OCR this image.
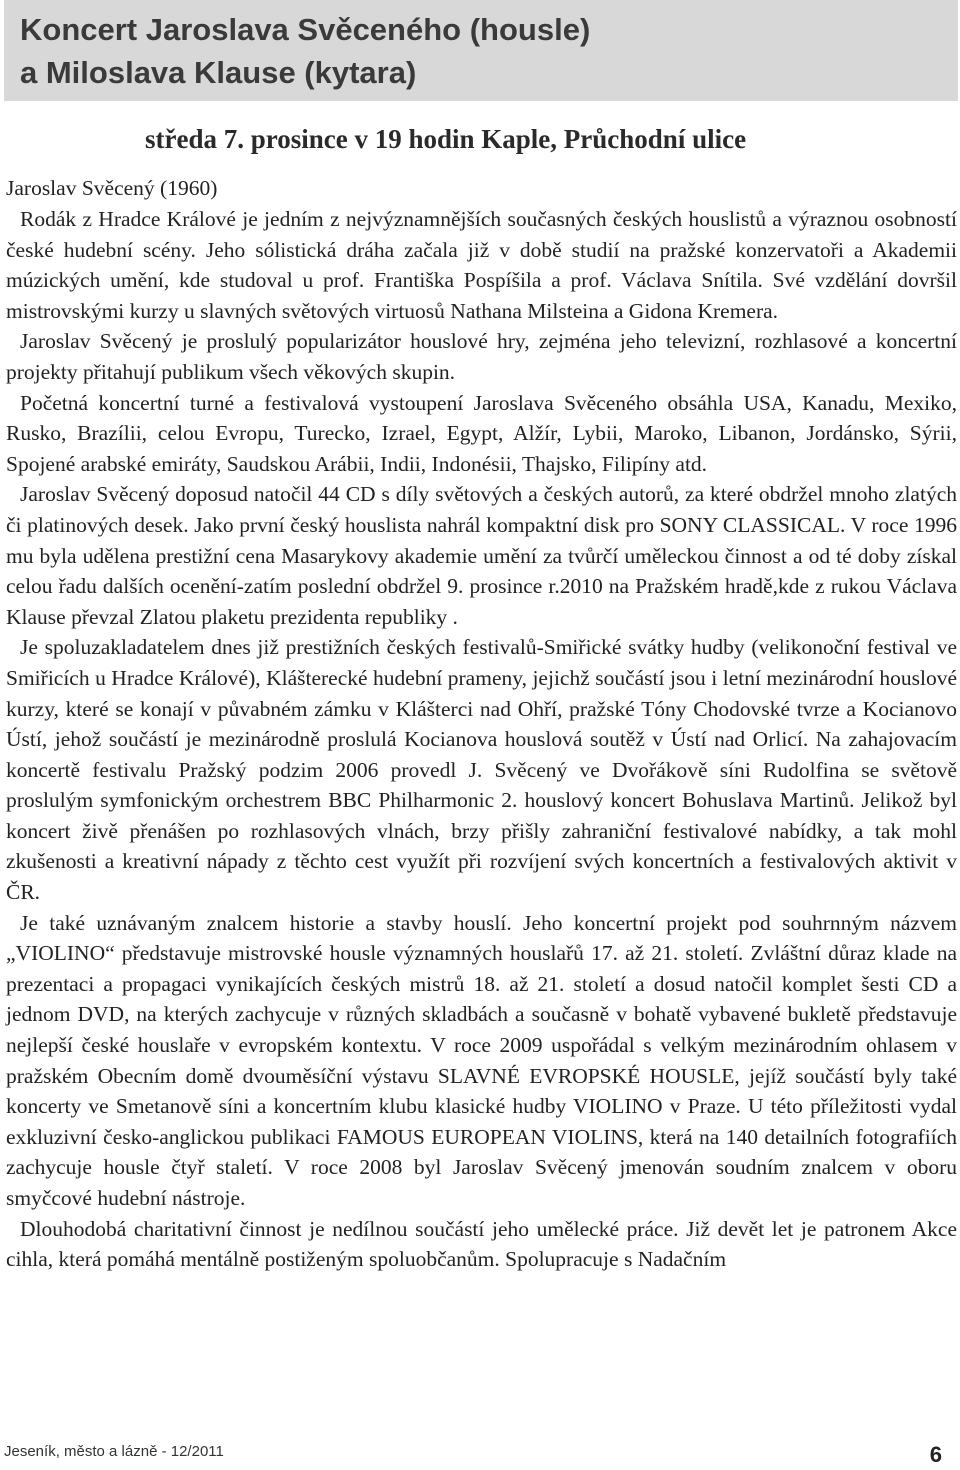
Koncert Jaroslava Svěceného (housle)
a Miloslava Klause (kytara)
středa 7. prosince v 19 hodin Kaple, Průchodní ulice
Jaroslav Svěcený (1960)

Rodák z Hradce Králové je jedním z nejvýznamnějších současných českých houslistů a výraznou osobností české hudební scény. Jeho sólistická dráha začala již v době studií na pražské konzervatoři a Akademii múzických umění, kde studoval u prof. Františka Pospíšila a prof. Václava Snítila. Své vzdělání dovršil mistrovskými kurzy u slavných světových virtuosů Nathana Milsteina a Gidona Kremera.

Jaroslav Svěcený je proslulý popularizátor houslové hry, zejména jeho televizní, rozhlasové a koncertní projekty přitahují publikum všech věkových skupin.

Početná koncertní turné a festivalová vystoupení Jaroslava Svěceného obsáhla USA, Kanadu, Mexiko, Rusko, Brazílii, celou Evropu, Turecko, Izrael, Egypt, Alžír, Lybii, Maroko, Libanon, Jordánsko, Sýrii, Spojené arabské emiráty, Saudskou Arábii, Indii, Indonésii, Thajsko, Filipíny atd.

Jaroslav Svěcený doposud natočil 44 CD s díly světových a českých autorů, za které obdržel mnoho zlatých či platinových desek. Jako první český houslista nahrál kompaktní disk pro SONY CLASSICAL. V roce 1996 mu byla udělena prestižní cena Masarykovy akademie umění za tvůrčí uměleckou činnost a od té doby získal celou řadu dalších ocenění-zatím poslední obdržel 9. prosince r.2010 na Pražském hradě,kde z rukou Václava Klause převzal Zlatou plaketu prezidenta republiky .

Je spoluzakladatelem dnes již prestižních českých festivalů-Smiřické svátky hudby (velikonoční festival ve Smiřicích u Hradce Králové), Klášterecké hudební prameny, jejichž součástí jsou i letní mezinárodní houslové kurzy, které se konají v půvabném zámku v Klášterci nad Ohří, pražské Tóny Chodovské tvrze a Kocianovo Ústí, jehož součástí je mezinárodně proslulá Kocianova houslová soutěž v Ústí nad Orlicí. Na zahajovacím koncertě festivalu Pražský podzim 2006 provedl J. Svěcený ve Dvořákově síni Rudolfina se světově proslulým symfonickým orchestrem BBC Philharmonic 2. houslový koncert Bohuslava Martinů. Jelikož byl koncert živě přenášen po rozhlasových vlnách, brzy přišly zahraniční festivalové nabídky, a tak mohl zkušenosti a kreativní nápady z těchto cest využít při rozvíjení svých koncertních a festivalových aktivit v ČR.

Je také uznávaným znalcem historie a stavby houslí. Jeho koncertní projekt pod souhrnným názvem „VIOLINO“ představuje mistrovské housle významných houslařů 17. až 21. století. Zvláštní důraz klade na prezentaci a propagaci vynikajících českých mistrů 18. až 21. století a dosud natočil komplet šesti CD a jednom DVD, na kterých zachycuje v různých skladbách a současně v bohatě vybavené bukletě představuje nejlepší české houslaře v evropském kontextu. V roce 2009 uspořádal s velkým mezinárodním ohlasem v pražském Obecním domě dvouměsíční výstavu SLAVNÉ EVROPSKÉ HOUSLE, jejíž součástí byly také koncerty ve Smetanově síni a koncertním klubu klasické hudby VIOLINO v Praze. U této příležitosti vydal exkluzivní česko-anglickou publikaci FAMOUS EUROPEAN VIOLINS, která na 140 detailních fotografiích zachycuje housle čtyř staletí. V roce 2008 byl Jaroslav Svěcený jmenován soudním znalcem v oboru smyčcové hudební nástroje.

Dlouhodobá charitativní činnost je nedílnou součástí jeho umělecké práce. Již devět let je patronem Akce cihla, která pomáhá mentálně postiženým spoluobčanům. Spolupracuje s Nadačním

Jeseník, město a lázně - 12/2011	6
